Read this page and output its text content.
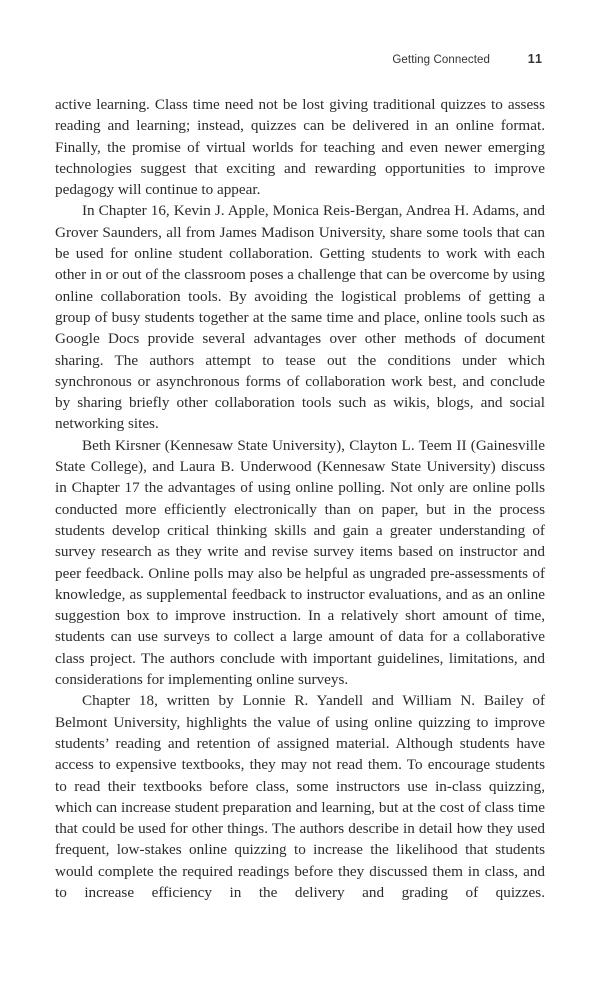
Getting Connected	11

active learning. Class time need not be lost giving traditional quizzes to assess reading and learning; instead, quizzes can be delivered in an online format. Finally, the promise of virtual worlds for teaching and even newer emerging technologies suggest that exciting and rewarding opportunities to improve pedagogy will continue to appear.

In Chapter 16, Kevin J. Apple, Monica Reis-Bergan, Andrea H. Adams, and Grover Saunders, all from James Madison University, share some tools that can be used for online student collaboration. Getting students to work with each other in or out of the classroom poses a challenge that can be overcome by using online collaboration tools. By avoiding the logistical problems of getting a group of busy students together at the same time and place, online tools such as Google Docs provide several advantages over other methods of document sharing. The authors attempt to tease out the conditions under which synchronous or asynchronous forms of collaboration work best, and conclude by sharing briefly other collaboration tools such as wikis, blogs, and social networking sites.

Beth Kirsner (Kennesaw State University), Clayton L. Teem II (Gainesville State College), and Laura B. Underwood (Kennesaw State University) discuss in Chapter 17 the advantages of using online polling. Not only are online polls conducted more efficiently electronically than on paper, but in the process students develop critical thinking skills and gain a greater understanding of survey research as they write and revise survey items based on instructor and peer feedback. Online polls may also be helpful as ungraded pre-assessments of knowledge, as supplemental feedback to instructor evaluations, and as an online suggestion box to improve instruction. In a relatively short amount of time, students can use surveys to collect a large amount of data for a collaborative class project. The authors conclude with important guidelines, limitations, and considerations for implementing online surveys.

Chapter 18, written by Lonnie R. Yandell and William N. Bailey of Belmont University, highlights the value of using online quizzing to improve students’ reading and retention of assigned material. Although students have access to expensive textbooks, they may not read them. To encourage students to read their textbooks before class, some instructors use in-class quizzing, which can increase student preparation and learning, but at the cost of class time that could be used for other things. The authors describe in detail how they used frequent, low-stakes online quizzing to increase the likelihood that students would complete the required readings before they discussed them in class, and to increase efficiency in the delivery and grading of quizzes.
